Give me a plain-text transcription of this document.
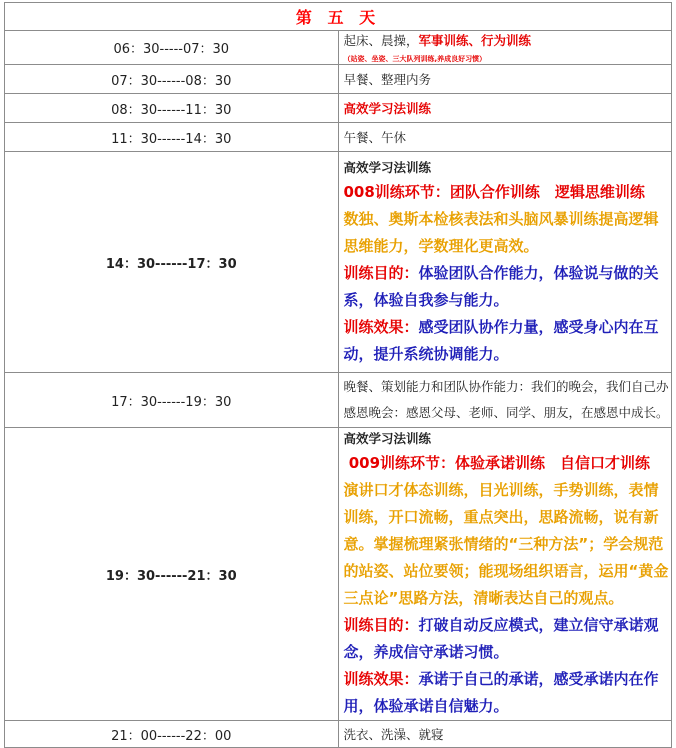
第 五 天	
06：30-----07：30	起床、晨操，军事训练、行为训练（站姿、坐姿、三大队列训练,养成良好习惯）
07：30------08：30	早餐、整理内务
08：30------11：30	高效学习法训练
11：30------14：30	午餐、午休
14：30------17：30	高效学习法训练
008训练环节：团队合作训练　逻辑思维训练
数独、奥斯本检核表法和头脑风暴训练提高逻辑思维能力，学数理化更高效。
训练目的：体验团队合作能力，体验说与做的关系，体验自我参与能力。
训练效果：感受团队协作力量，感受身心内在互动，提升系统协调能力。

17：30------19：30	晚餐、策划能力和团队协作能力：我们的晚会，我们自己办
感恩晚会：感恩父母、老师、同学、朋友，在感恩中成长。

19：30------21：30	高效学习法训练
009训练环节：体验承诺训练　自信口才训练
演讲口才体态训练，目光训练，手势训练，表情训练，开口流畅，重点突出，思路流畅，说有新意。掌握梳理紧张情绪的“三种方法”；学会规范的站姿、站位要领；能现场组织语言，运用“黄金三点论”思路方法，清晰表达自己的观点。
训练目的：打破自动反应模式，建立信守承诺观念，养成信守承诺习惯。
训练效果：承诺于自己的承诺，感受承诺内在作用，体验承诺自信魅力。

21：00------22：00	洗衣、洗澡、就寝
